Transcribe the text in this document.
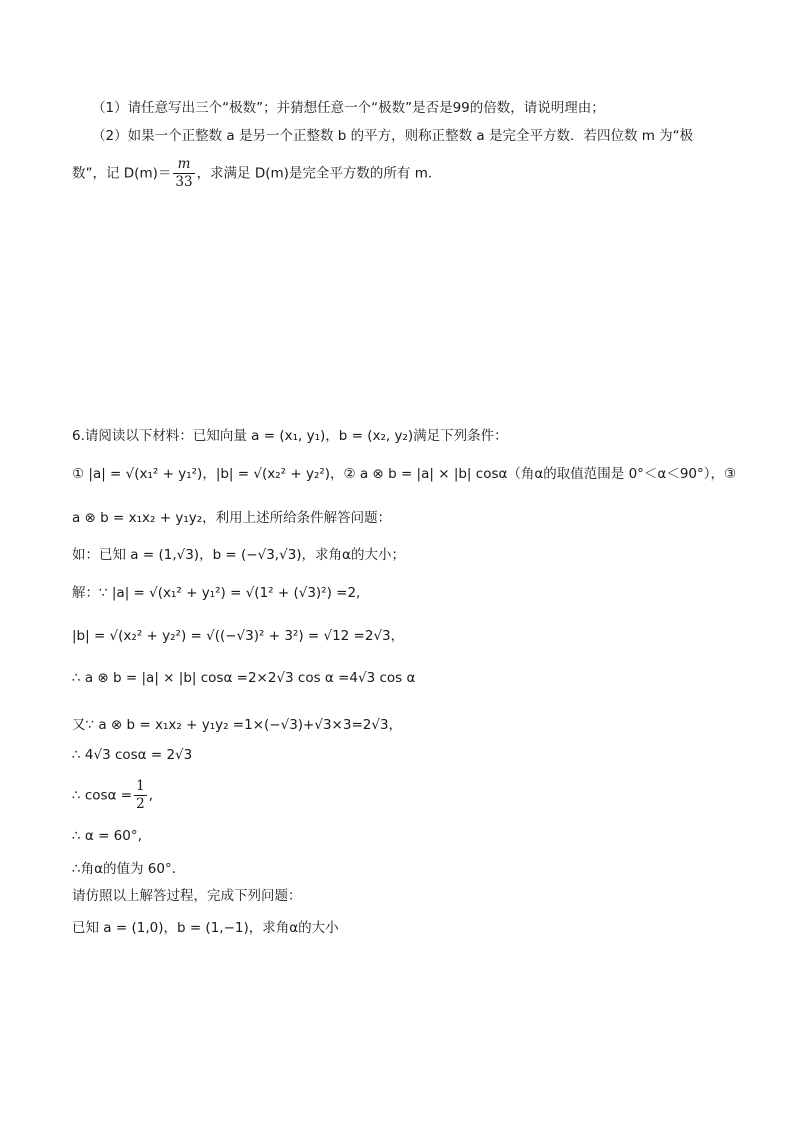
（1）请任意写出三个“极数”；并猜想任意一个“极数”是否是99的倍数，请说明理由；
（2）如果一个正整数 a 是另一个正整数 b 的平方，则称正整数 a 是完全平方数．若四位数 m 为“极
数”，记 $D(m)= \frac{m}{33}$ ，求满足 D(m)是完全平方数的所有 m．
6.请阅读以下材料：已知向量 a = (x₁, y₁)，b = (x₂, y₂)满足下列条件：
① |a| = √(x₁² + y₁²)，|b| = √(x₂² + y₂²)，② a ⊗ b = |a| × |b| cosα（角α的取值范围是 0°＜α＜90°），③
a ⊗ b = x₁x₂ + y₁y₂，利用上述所给条件解答问题：
如：已知 a = (1,√3)，b = (−√3,√3)，求角α的大小；
解：∵ |a| = √(x₁² + y₁²) = √(1² + (√3)²) =2,
|b| = √(x₂² + y₂²) = √((−√3)² + 3²) = √12 =2√3，
∴ a ⊗ b = |a| × |b| cosα =2×2√3 cos α =4√3 cos α
又∵ a ⊗ b = x₁x₂ + y₁y₂ =1×(−√3)+√3×3=2√3，
∴ 4√3 cosα = 2√3
∴ $\cos\alpha = \frac{1}{2}$ ,
∴ α = 60°,
∴角α的值为 60°．
请仿照以上解答过程，完成下列问题：
已知 a = (1,0)，b = (1,−1)，求角α的大小
